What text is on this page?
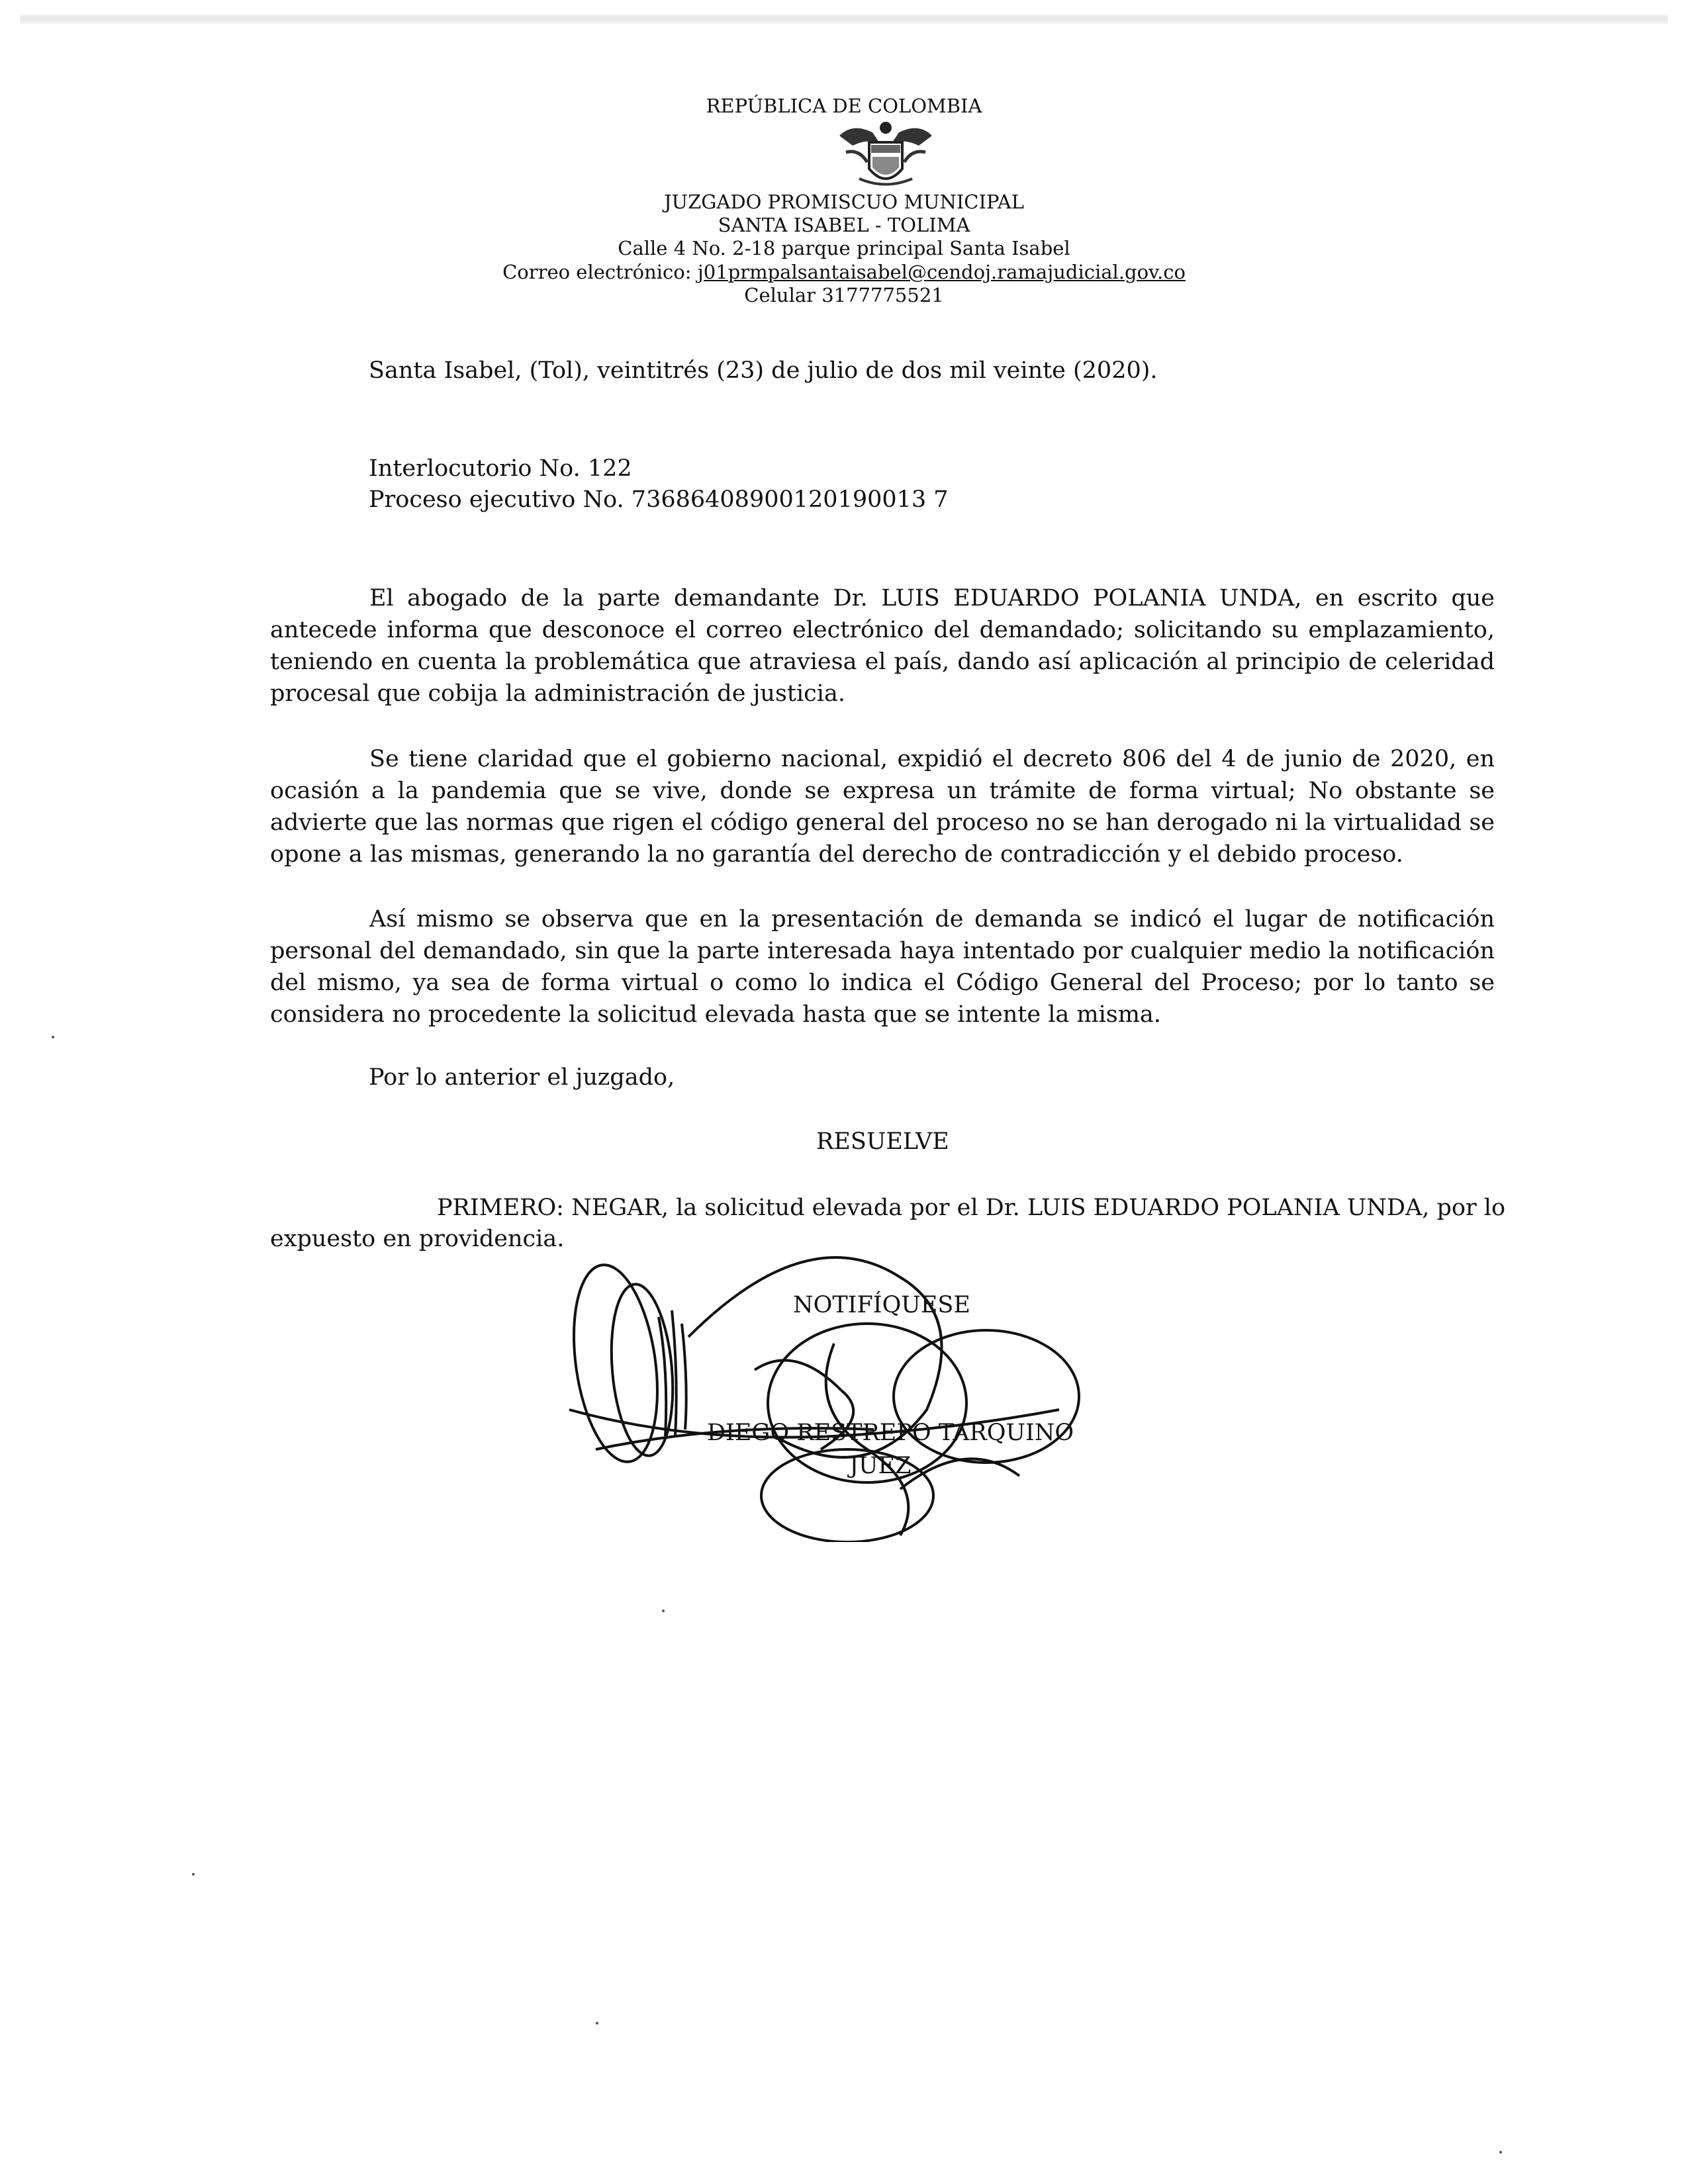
REPÚBLICA DE COLOMBIA
JUZGADO PROMISCUO MUNICIPAL
SANTA ISABEL - TOLIMA
Calle 4 No. 2-18 parque principal Santa Isabel
Correo electrónico: j01prmpalsantaisabel@cendoj.ramajudicial.gov.co
Celular 3177775521
Santa Isabel, (Tol), veintitrés (23) de julio de dos mil veinte (2020).
Interlocutorio No. 122
Proceso ejecutivo No. 73686408900120190013 7
El abogado de la parte demandante Dr. LUIS EDUARDO POLANIA UNDA, en escrito que antecede informa que desconoce el correo electrónico del demandado; solicitando su emplazamiento, teniendo en cuenta la problemática que atraviesa el país, dando así aplicación al principio de celeridad procesal que cobija la administración de justicia.
Se tiene claridad que el gobierno nacional, expidió el decreto 806 del 4 de junio de 2020, en ocasión a la pandemia que se vive, donde se expresa un trámite de forma virtual; No obstante se advierte que las normas que rigen el código general del proceso no se han derogado ni la virtualidad se opone a las mismas, generando la no garantía del derecho de contradicción y el debido proceso.
Así mismo se observa que en la presentación de demanda se indicó el lugar de notificación personal del demandado, sin que la parte interesada haya intentado por cualquier medio la notificación del mismo, ya sea de forma virtual o como lo indica el Código General del Proceso; por lo tanto se considera no procedente la solicitud elevada hasta que se intente la misma.
Por lo anterior el juzgado,
RESUELVE
PRIMERO: NEGAR, la solicitud elevada por el Dr. LUIS EDUARDO POLANIA UNDA, por lo
expuesto en providencia.
NOTIFÍQUESE
DIEGO RESTREPO TARQUINO
JUEZ
